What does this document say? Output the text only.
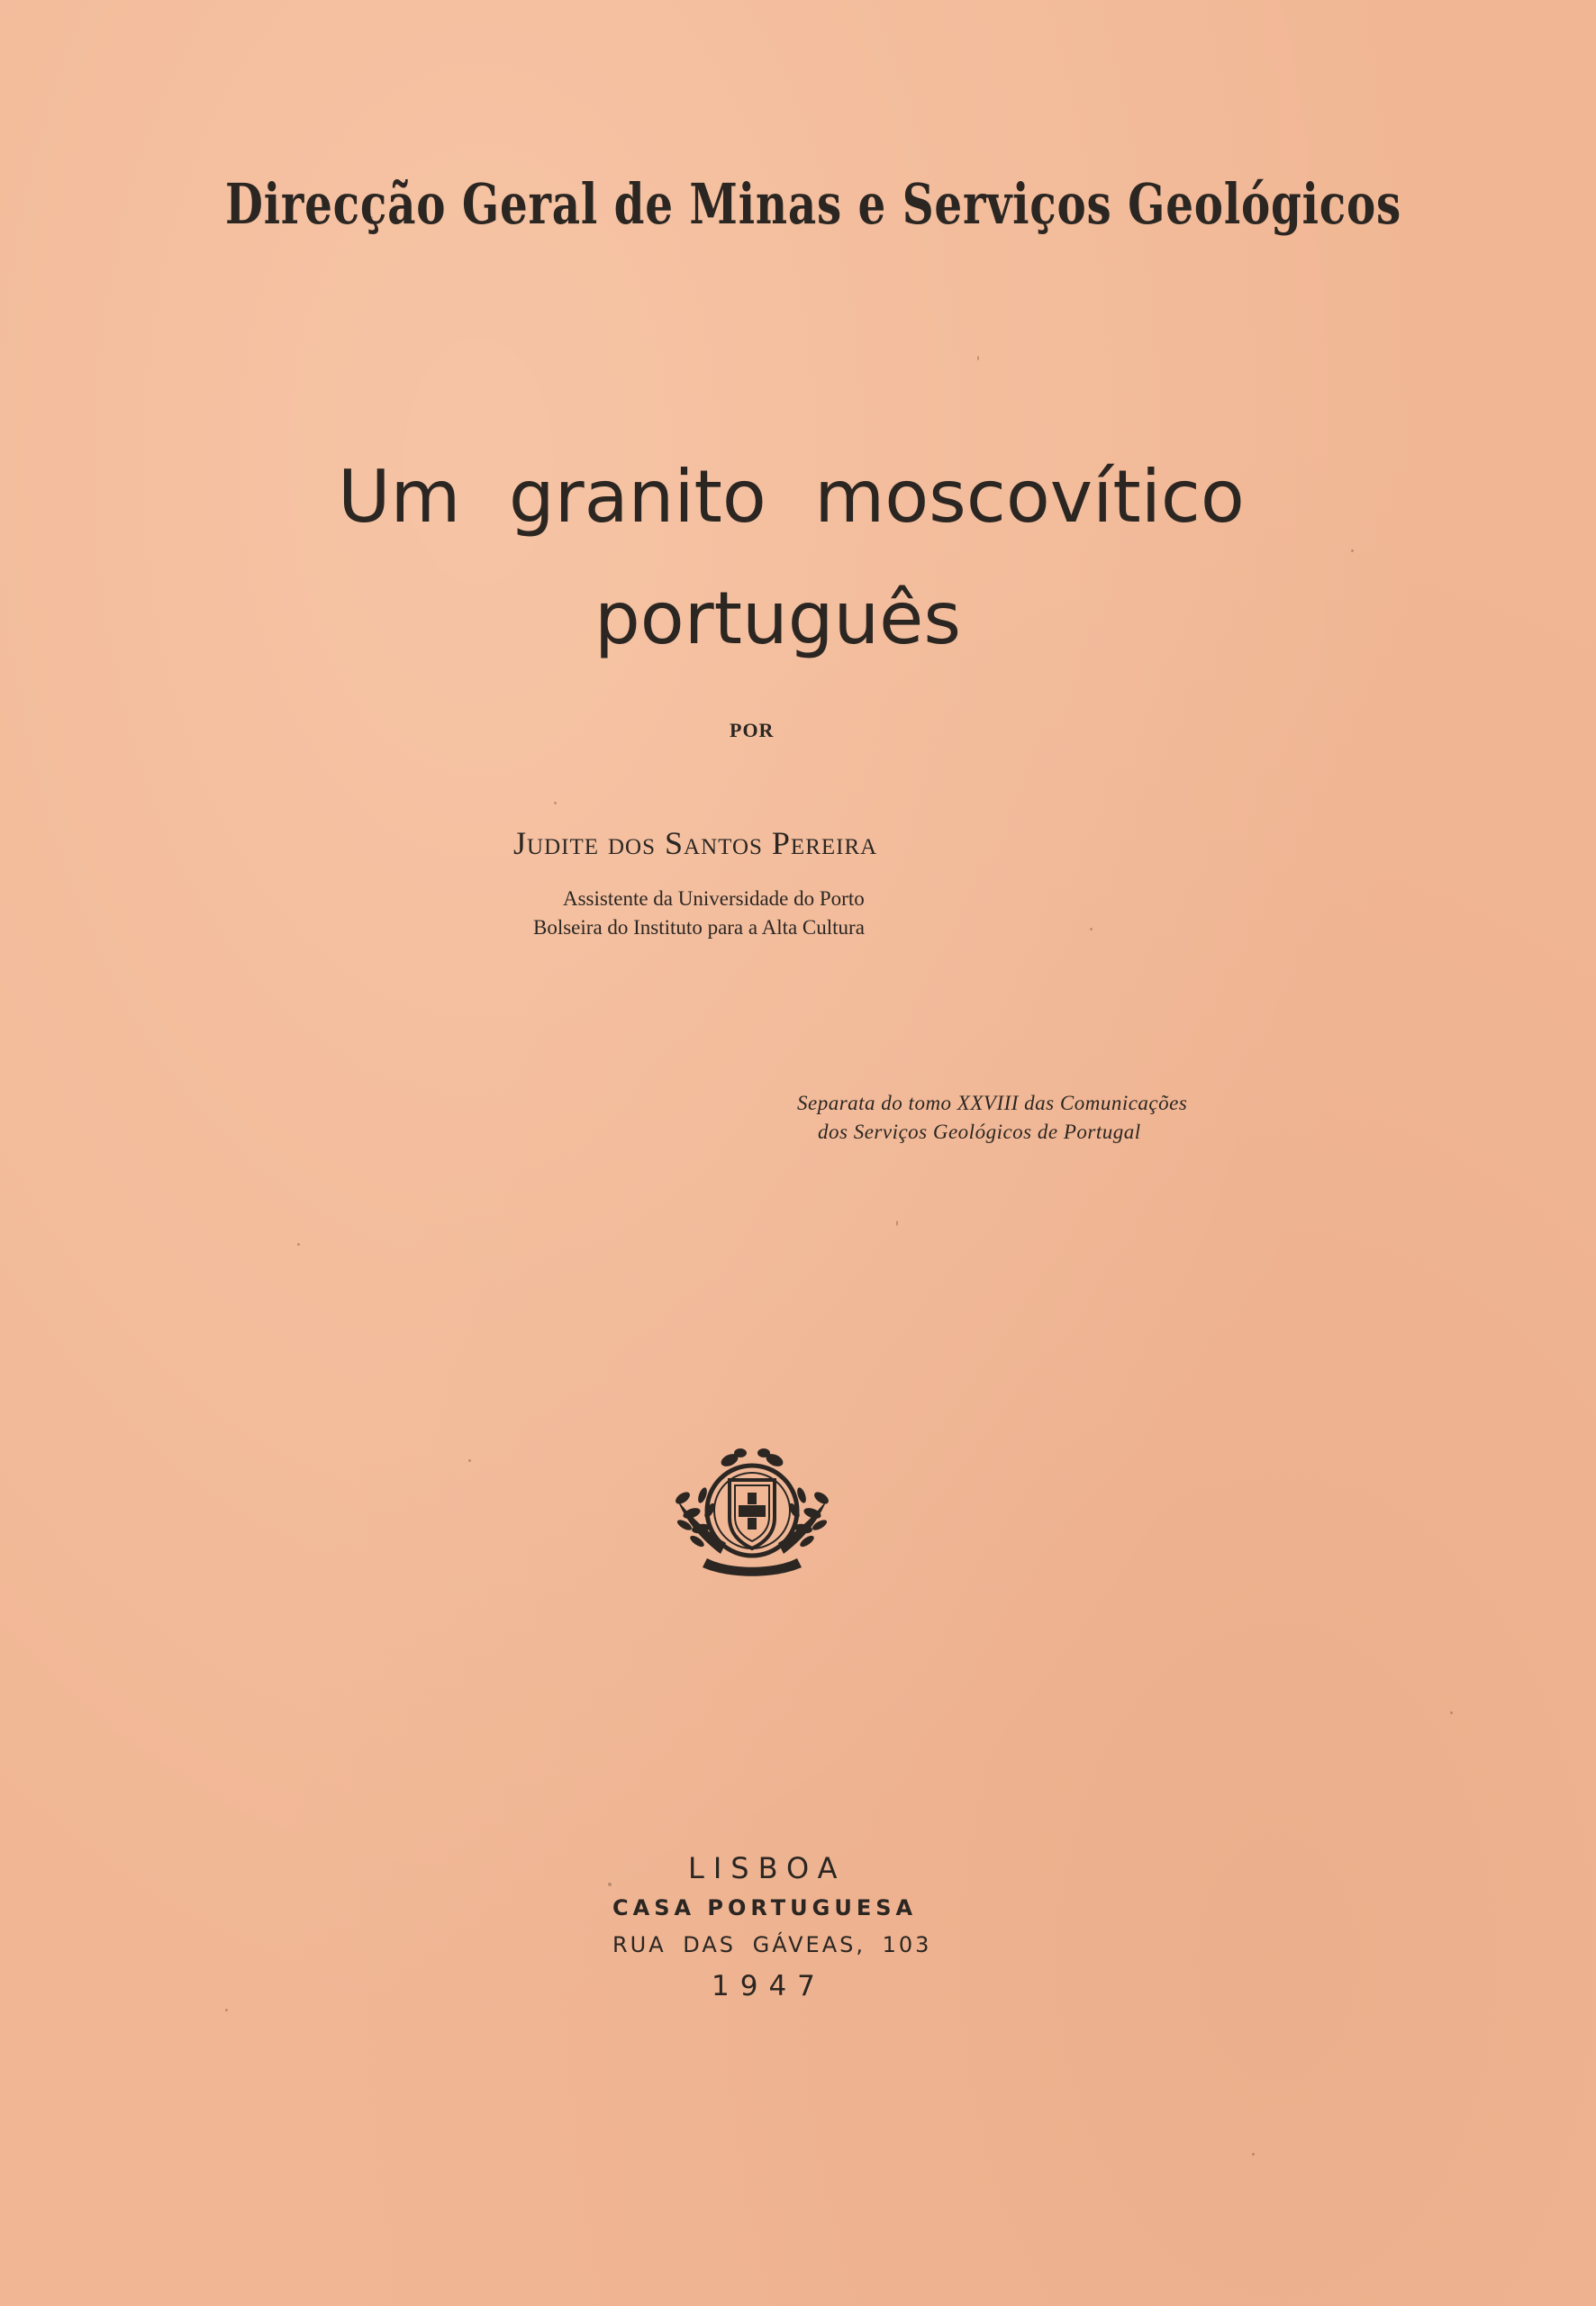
Direcção Geral de Minas e Serviços Geológicos
Um granito moscovítico
português
POR
Judite dos Santos Pereira
Assistente da Universidade do Porto
Bolseira do Instituto para a Alta Cultura
Separata do tomo XXVIII das Comunicações
dos Serviços Geológicos de Portugal
LISBOA
CASA PORTUGUESA
RUA DAS GÁVEAS, 103
1947
